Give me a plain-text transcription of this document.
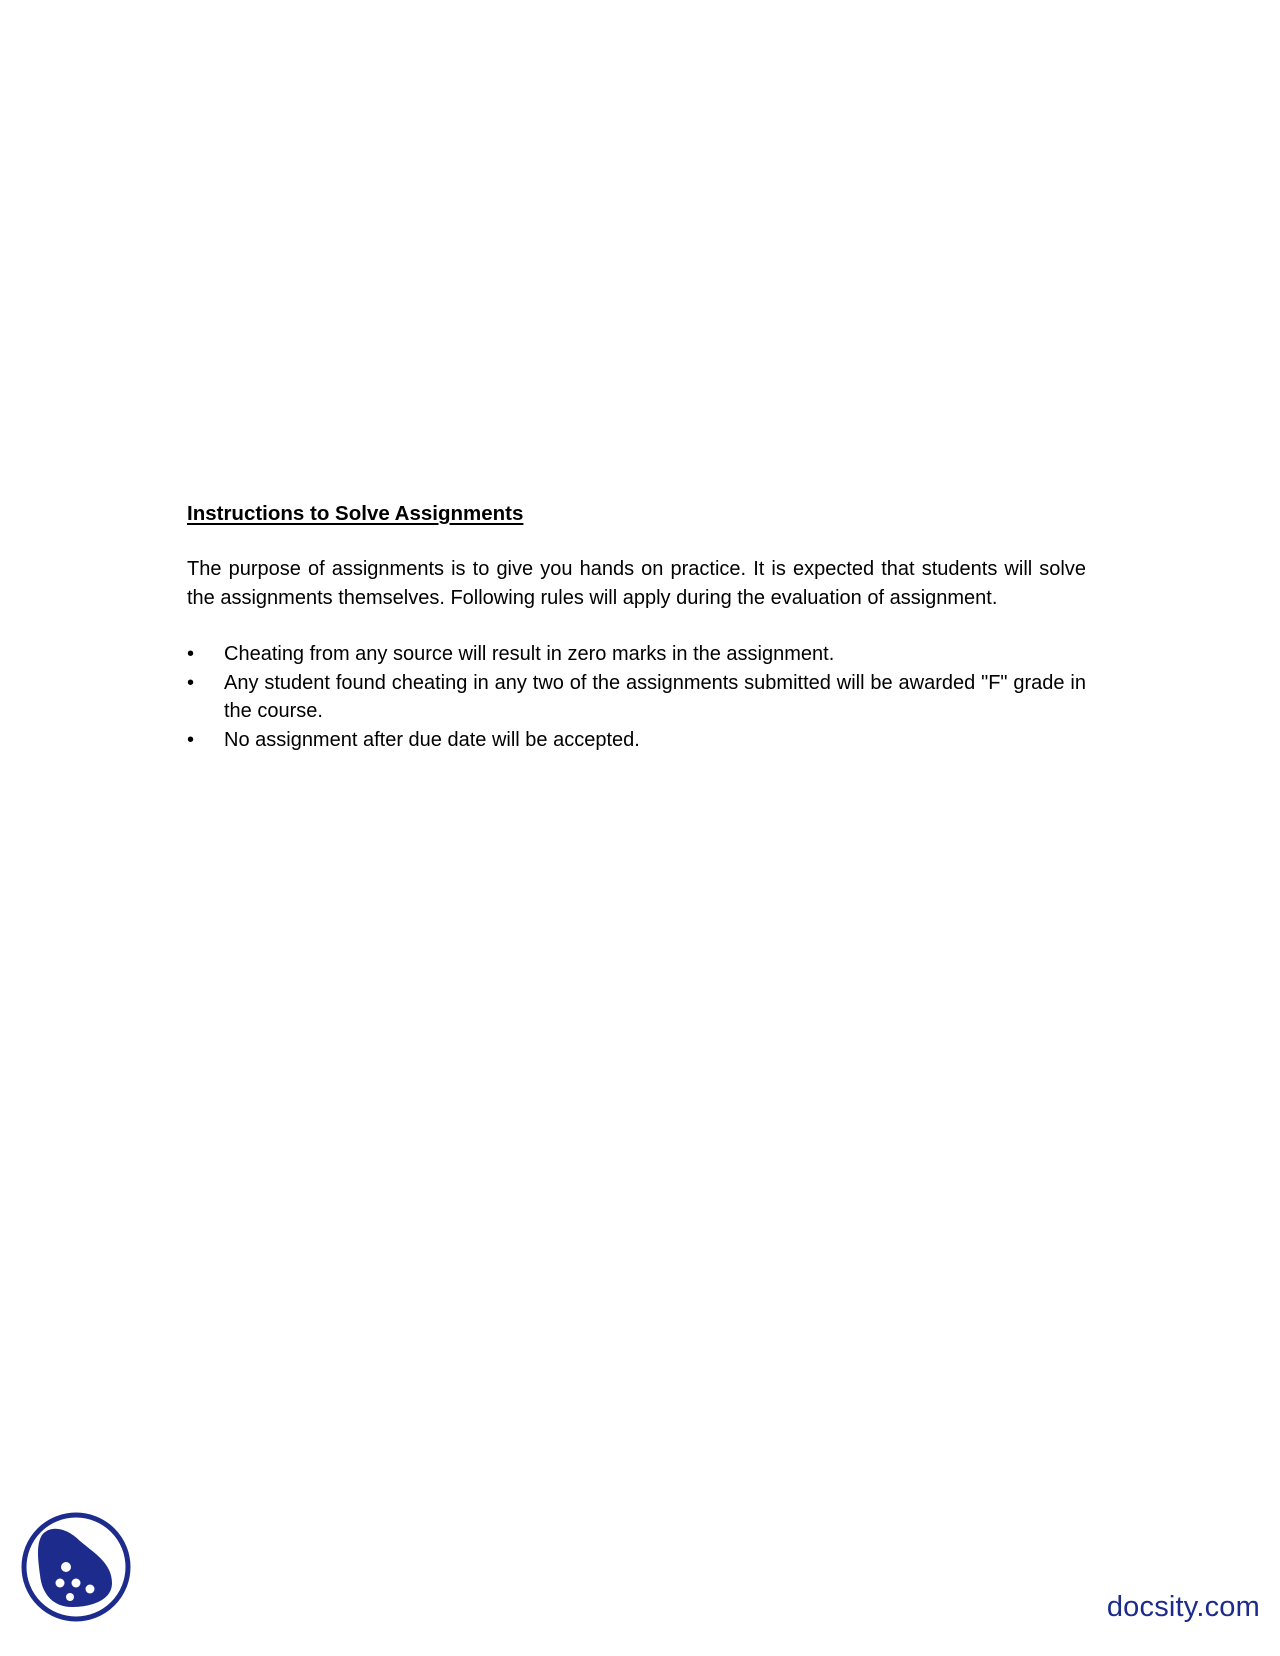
Instructions to Solve Assignments

The purpose of assignments is to give you hands on practice. It is expected that students will solve the assignments themselves. Following rules will apply during the evaluation of assignment.

•	Cheating from any source will result in zero marks in the assignment.
•	Any student found cheating in any two of the assignments submitted will be awarded "F" grade in the course.
•	No assignment after due date will be accepted.
docsity.com
